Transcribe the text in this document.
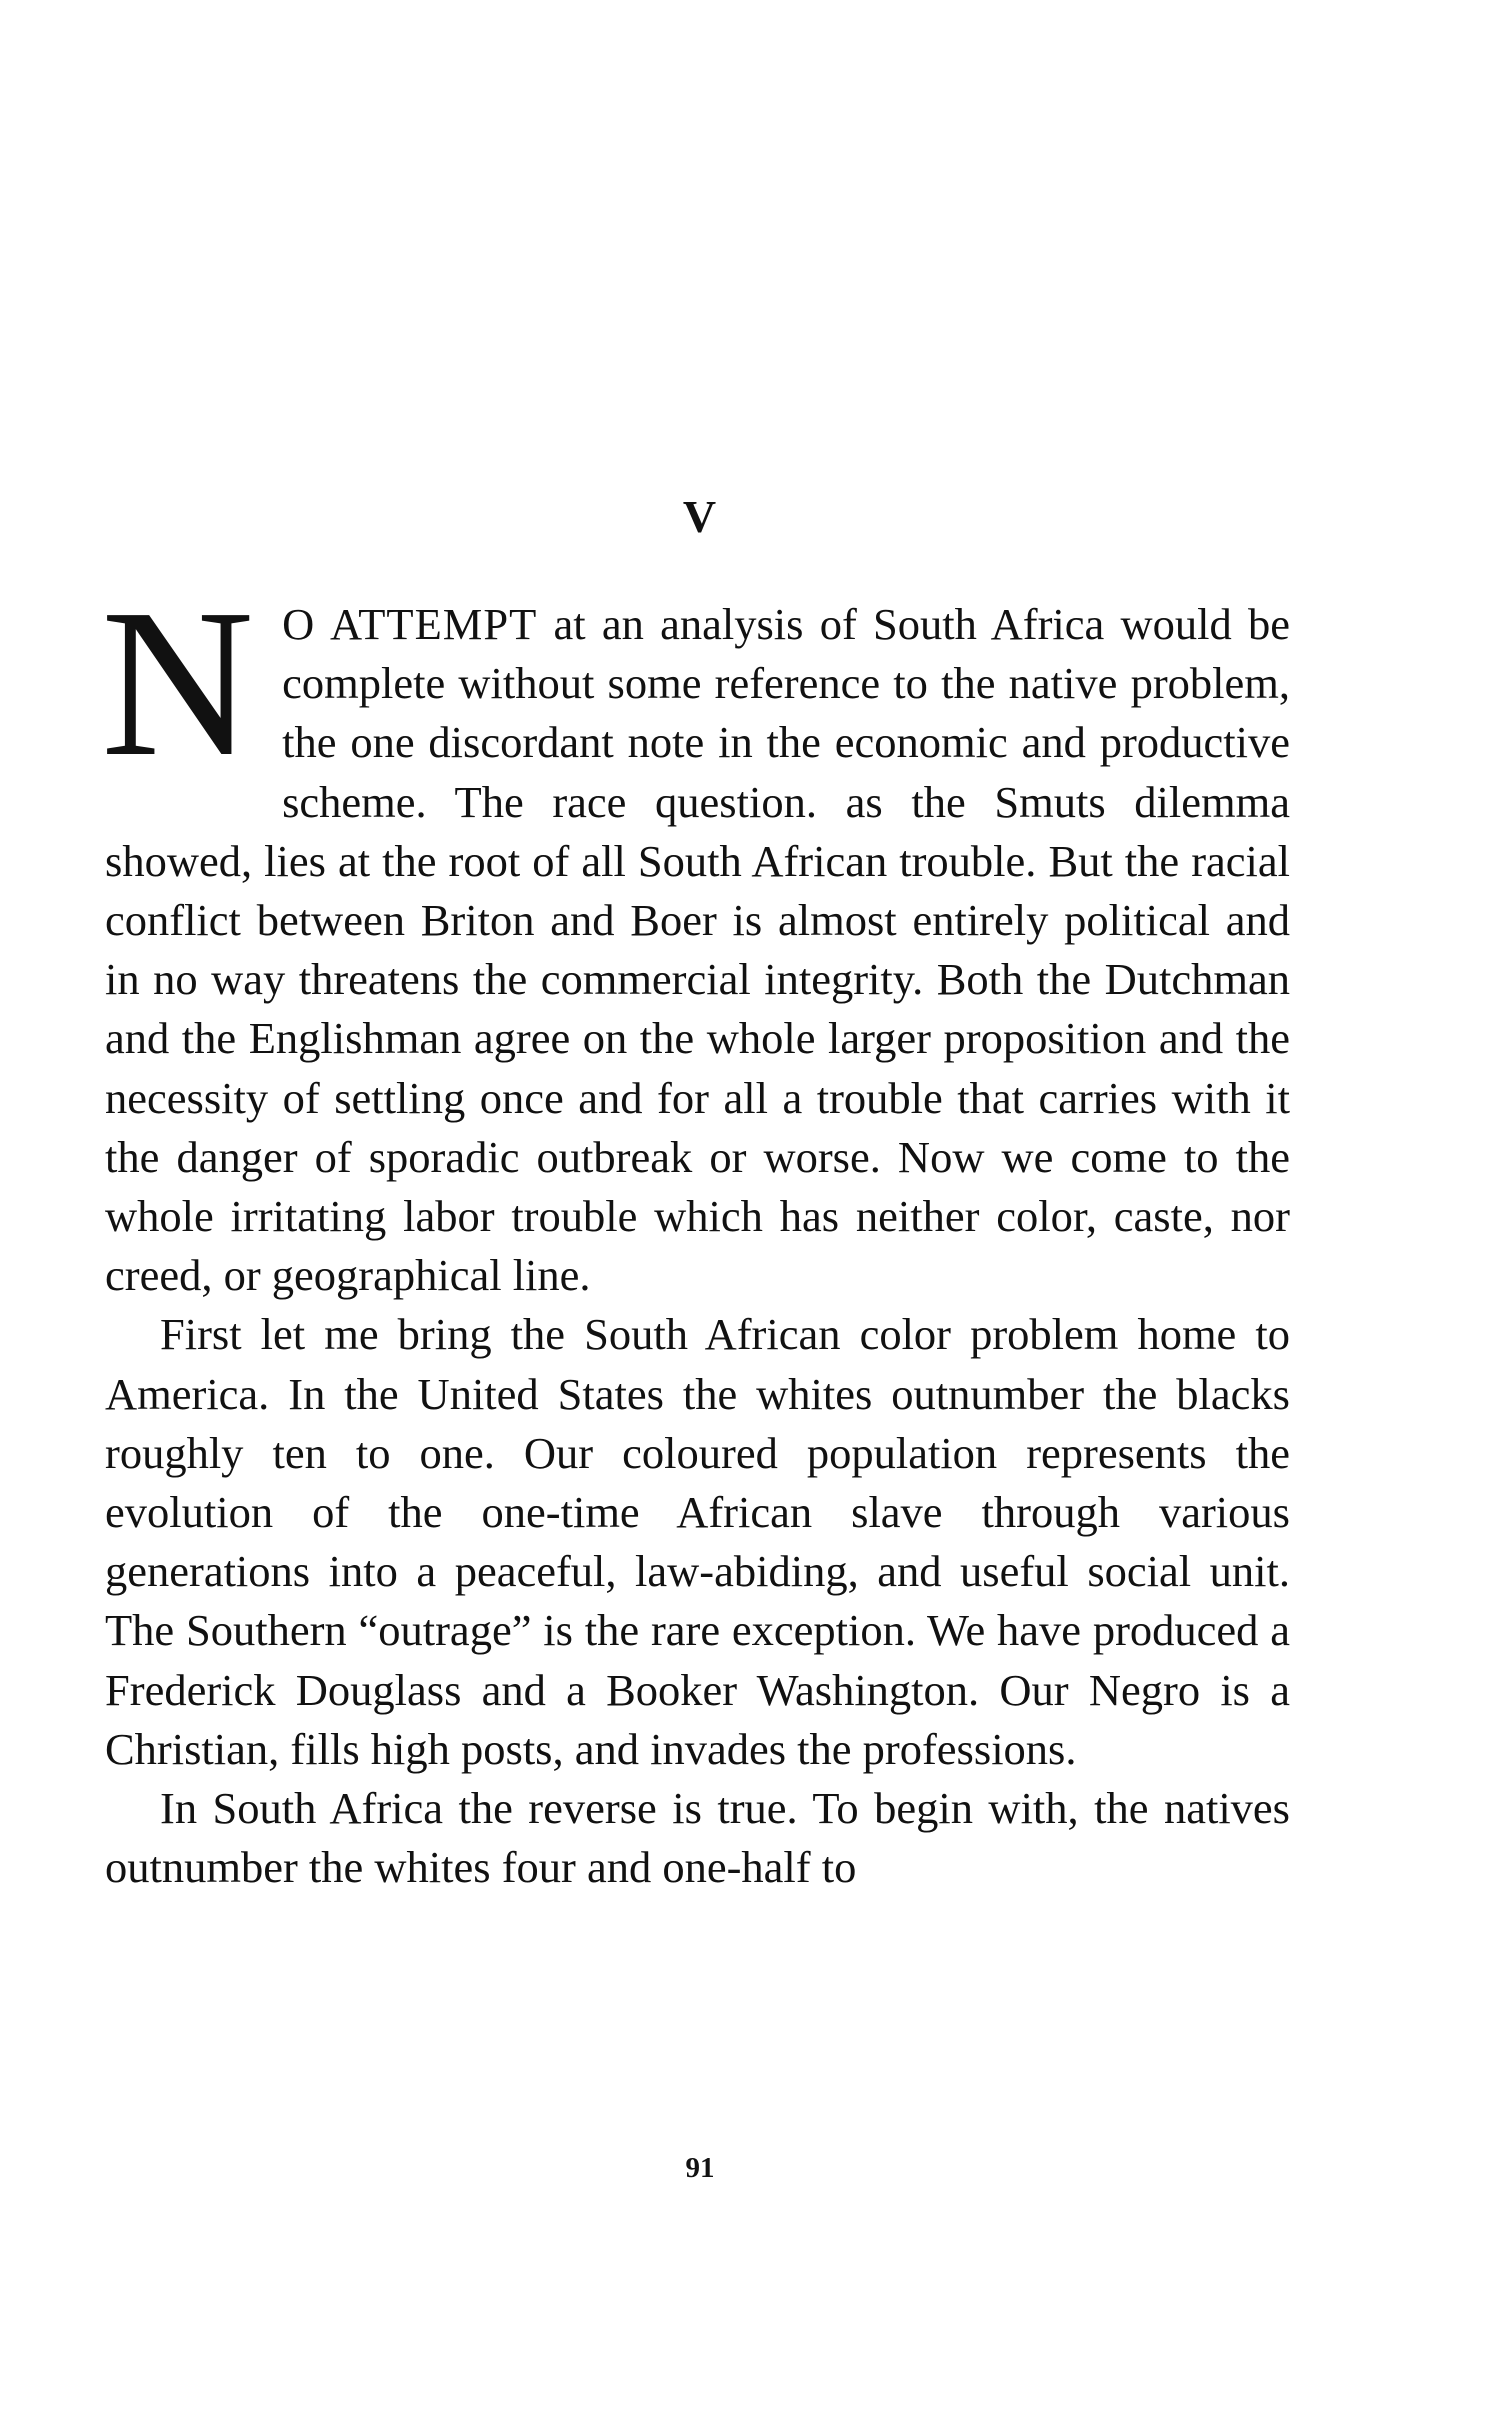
V

N O ATTEMPT at an analysis of South Africa would be complete without some reference to the native problem, the one discordant note in the economic and productive scheme. The race question. as the Smuts dilemma showed, lies at the root of all South African trouble. But the racial conflict between Briton and Boer is almost entirely political and in no way threatens the commercial integrity. Both the Dutchman and the Englishman agree on the whole larger proposition and the necessity of settling once and for all a trouble that carries with it the danger of sporadic outbreak or worse. Now we come to the whole irritating labor trouble which has neither color, caste, nor creed, or geographical line.

First let me bring the South African color problem home to America. In the United States the whites outnumber the blacks roughly ten to one. Our coloured population represents the evolution of the one-time African slave through various generations into a peaceful, law-abiding, and useful social unit. The Southern “outrage” is the rare exception. We have produced a Frederick Douglass and a Booker Washington. Our Negro is a Christian, fills high posts, and invades the professions.

In South Africa the reverse is true. To begin with, the natives outnumber the whites four and one-half to

91
